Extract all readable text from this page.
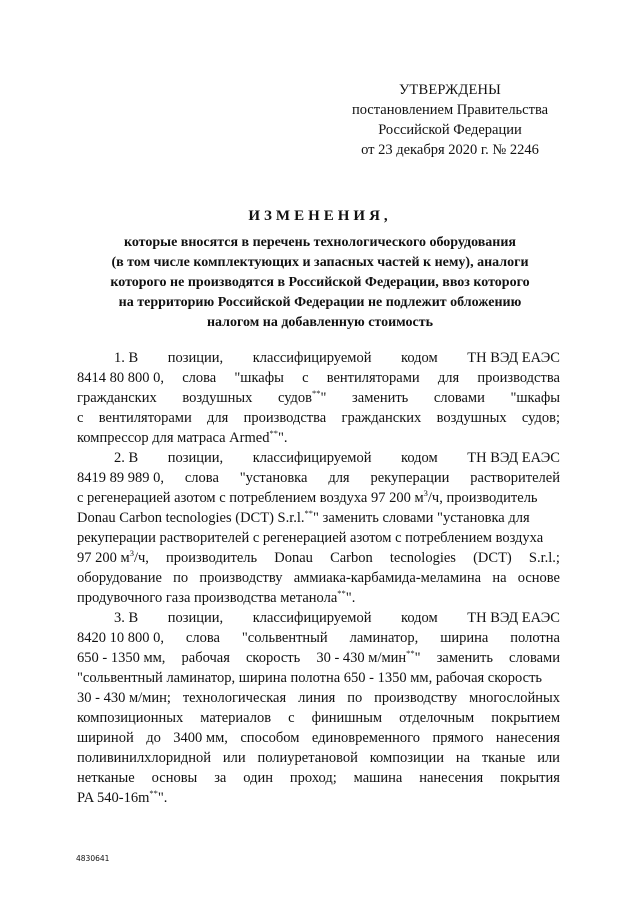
УТВЕРЖДЕНЫ
постановлением Правительства
Российской Федерации
от 23 декабря 2020 г. № 2246
ИЗМЕНЕНИЯ,
которые вносятся в перечень технологического оборудования
(в том числе комплектующих и запасных частей к нему), аналоги
которого не производятся в Российской Федерации, ввоз которого
на территорию Российской Федерации не подлежит обложению
налогом на добавленную стоимость
1. В позиции, классифицируемой кодом ТН ВЭД ЕАЭС
8414 80 800 0, слова "шкафы с вентиляторами для производства
гражданских воздушных судов**" заменить словами "шкафы
с вентиляторами для производства гражданских воздушных судов;
компрессор для матраса Armed**".
2. В позиции, классифицируемой кодом ТН ВЭД ЕАЭС
8419 89 989 0, слова "установка для рекуперации растворителей
с регенерацией азотом с потреблением воздуха 97 200 $м^3/ч$, производитель
Donau Carbon tecnologies (DCT) S.r.l.**" заменить словами "установка для
рекуперации растворителей с регенерацией азотом с потреблением воздуха
97 200 $м^3/ч$, производитель Donau Carbon tecnologies (DCT) S.r.l.;
оборудование по производству аммиака-карбамида-меламина на основе
продувочного газа производства метанола**".
3. В позиции, классифицируемой кодом ТН ВЭД ЕАЭС
8420 10 800 0, слова "сольвентный ламинатор, ширина полотна
650 - 1350 мм, рабочая скорость 30 - 430 м/мин**" заменить словами
"сольвентный ламинатор, ширина полотна 650 - 1350 мм, рабочая скорость
30 - 430 м/мин; технологическая линия по производству многослойных
композиционных материалов с финишным отделочным покрытием
шириной до 3400 мм, способом единовременного прямого нанесения
поливинилхлоридной или полиуретановой композиции на тканые или
нетканые основы за один проход; машина нанесения покрытия
PA 540-16m**".
4830641
